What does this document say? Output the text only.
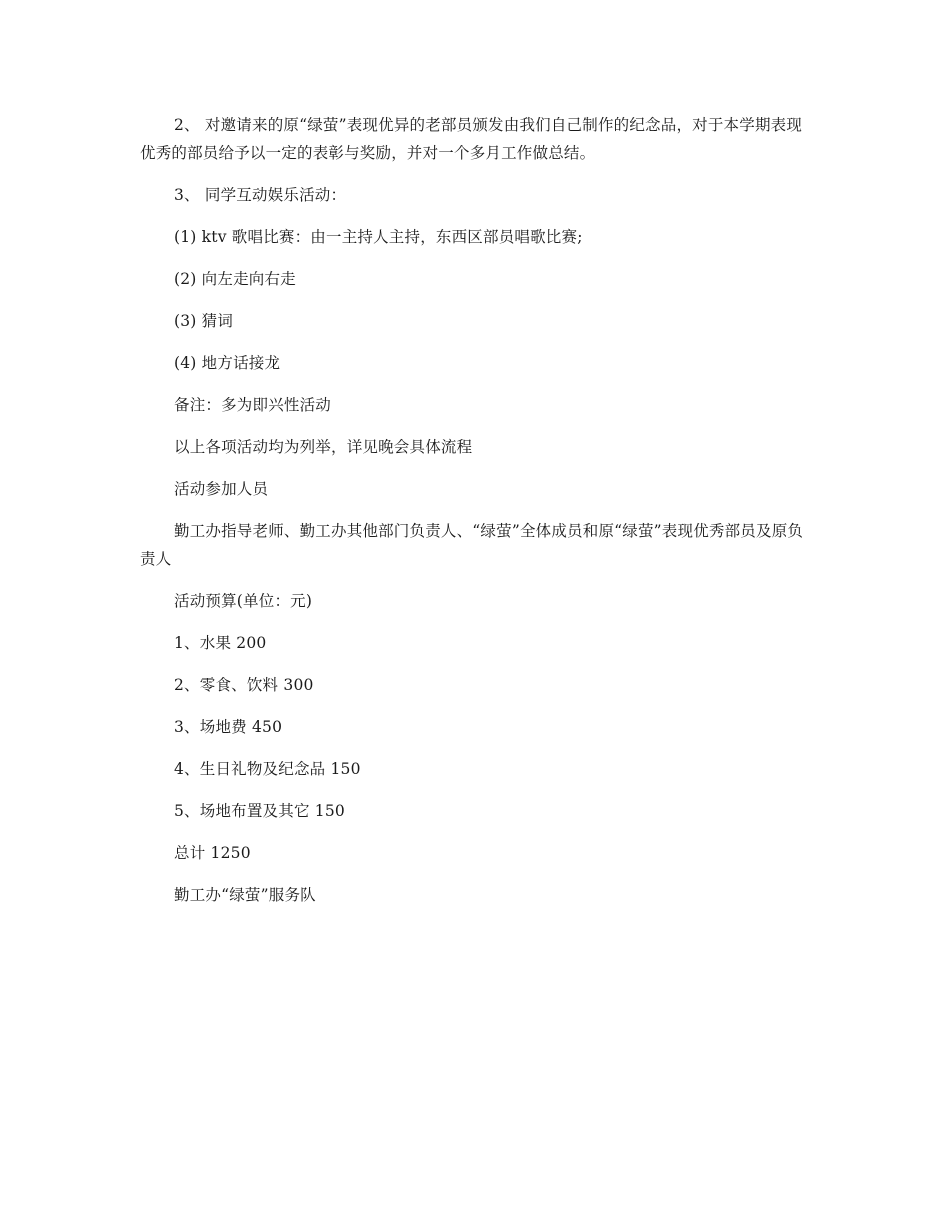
2、 对邀请来的原“绿萤”表现优异的老部员颁发由我们自己制作的纪念品，对于本学期表现优秀的部员给予以一定的表彰与奖励，并对一个多月工作做总结。

3、 同学互动娱乐活动：

(1) ktv 歌唱比赛：由一主持人主持，东西区部员唱歌比赛;

(2) 向左走向右走

(3) 猜词

(4) 地方话接龙

备注：多为即兴性活动

以上各项活动均为列举，详见晚会具体流程

活动参加人员

勤工办指导老师、勤工办其他部门负责人、“绿萤”全体成员和原“绿萤”表现优秀部员及原负责人

活动预算(单位：元)

1、水果 200

2、零食、饮料 300

3、场地费 450

4、生日礼物及纪念品 150

5、场地布置及其它 150

总计 1250

勤工办“绿萤”服务队
